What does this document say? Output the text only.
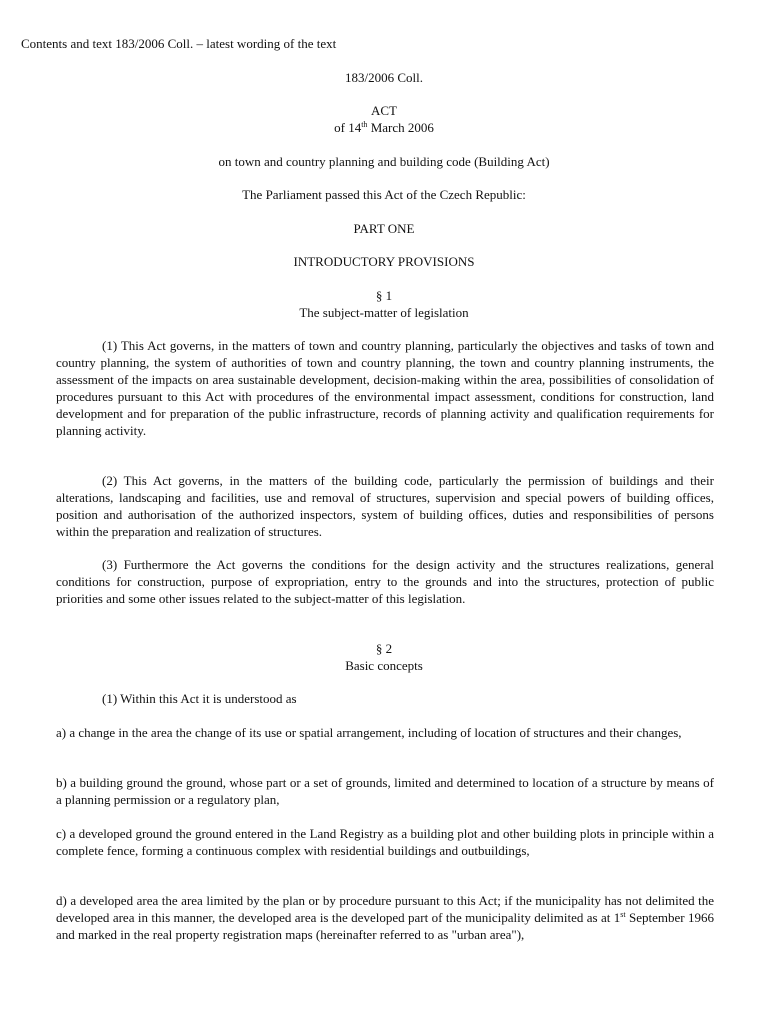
Contents and text 183/2006 Coll. – latest wording of the text
183/2006 Coll.
ACT
of 14th March 2006
on town and country planning and building code (Building Act)
The Parliament passed this Act of the Czech Republic:
PART ONE
INTRODUCTORY PROVISIONS
§ 1
The subject-matter of legislation

(1) This Act governs, in the matters of town and country planning, particularly the objectives and tasks of town and country planning, the system of authorities of town and country planning, the town and country planning instruments, the assessment of the impacts on area sustainable development, decision-making within the area, possibilities of consolidation of procedures pursuant to this Act with procedures of the environmental impact assessment, conditions for construction, land development and for preparation of the public infrastructure, records of planning activity and qualification requirements for planning activity.

(2) This Act governs, in the matters of the building code, particularly the permission of buildings and their alterations, landscaping and facilities, use and removal of structures, supervision and special powers of building offices, position and authorisation of the authorized inspectors, system of building offices, duties and responsibilities of persons within the preparation and realization of structures.

(3) Furthermore the Act governs the conditions for the design activity and the structures realizations, general conditions for construction, purpose of expropriation, entry to the grounds and into the structures, protection of public priorities and some other issues related to the subject-matter of this legislation.

§ 2
Basic concepts

(1) Within this Act it is understood as

a) a change in the area the change of its use or spatial arrangement, including of location of structures and their changes,

b) a building ground the ground, whose part or a set of grounds, limited and determined to location of a structure by means of a planning permission or a regulatory plan,

c) a developed ground the ground entered in the Land Registry as a building plot and other building plots in principle within a complete fence, forming a continuous complex with residential buildings and outbuildings,

d) a developed area the area limited by the plan or by procedure pursuant to this Act; if the municipality has not delimited the developed area in this manner, the developed area is the developed part of the municipality delimited as at 1st September 1966 and marked in the real property registration maps (hereinafter referred to as "urban area"),
